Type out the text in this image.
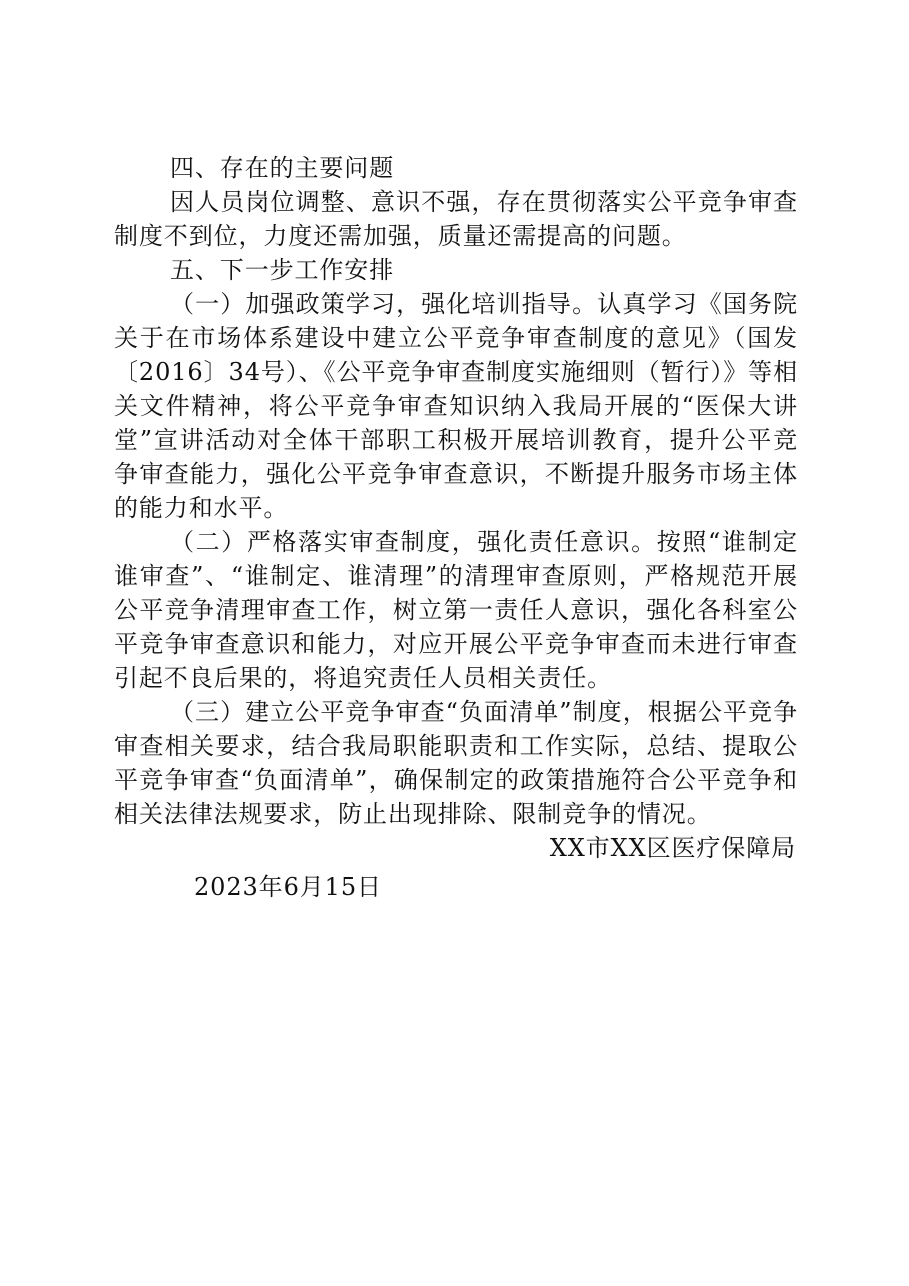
四、存在的主要问题

因人员岗位调整、意识不强，存在贯彻落实公平竞争审查制度不到位，力度还需加强，质量还需提高的问题。

五、下一步工作安排

（一）加强政策学习，强化培训指导。认真学习《国务院关于在市场体系建设中建立公平竞争审查制度的意见》（国发〔2016〕34号）、《公平竞争审查制度实施细则（暂行）》等相关文件精神，将公平竞争审查知识纳入我局开展的“医保大讲堂”宣讲活动对全体干部职工积极开展培训教育，提升公平竞争审查能力，强化公平竞争审查意识，不断提升服务市场主体的能力和水平。

（二）严格落实审查制度，强化责任意识。按照“谁制定谁审查”、“谁制定、谁清理”的清理审查原则，严格规范开展公平竞争清理审查工作，树立第一责任人意识，强化各科室公平竞争审查意识和能力，对应开展公平竞争审查而未进行审查引起不良后果的，将追究责任人员相关责任。

（三）建立公平竞争审查“负面清单”制度，根据公平竞争审查相关要求，结合我局职能职责和工作实际，总结、提取公平竞争审查“负面清单”，确保制定的政策措施符合公平竞争和相关法律法规要求，防止出现排除、限制竞争的情况。

XX市XX区医疗保障局

2023年6月15日
